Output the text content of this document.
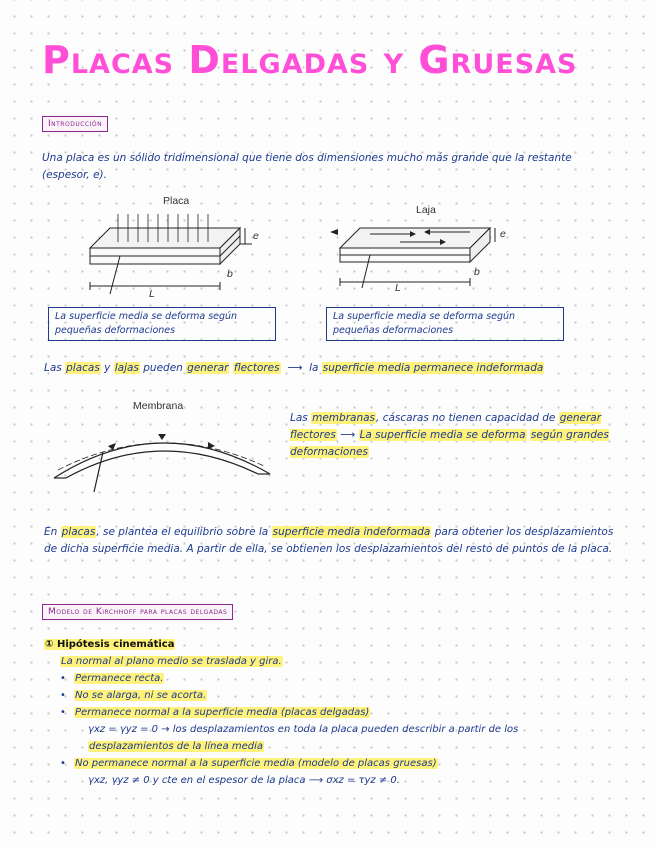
Placas Delgadas y Gruesas
Introducción
Una placa es un sólido tridimensional que tiene dos dimensiones mucho más grande que la restante (espesor, e).
Placa
e
b
L
Laja
e
b
L
La superficie media se deforma según pequeñas deformaciones
La superficie media se deforma según pequeñas deformaciones
Las placas y lajas pueden generar flectores ⟶ la superficie media permanece indeformada
Membrana
Las membranas, cáscaras no tienen capacidad de generar flectores ⟶ La superficie media se deforma según grandes deformaciones
En placas, se plantea el equilibrio sobre la superficie media indeformada para obtener los desplazamientos de dicha superficie media. A partir de ella, se obtienen los desplazamientos del resto de puntos de la placa.
Modelo de Kirchhoff para placas delgadas
① Hipótesis cinemática
La normal al plano medio se traslada y gira.
• Permanece recta.
• No se alarga, ni se acorta.
• Permanece normal a la superficie media (placas delgadas)
γxz = γyz = 0 → los desplazamientos en toda la placa pueden describir a partir de los
desplazamientos de la línea media
• No permanece normal a la superficie media (modelo de placas gruesas)
γxz, γyz ≠ 0 y cte en el espesor de la placa ⟶ σxz = τyz ≠ 0.
